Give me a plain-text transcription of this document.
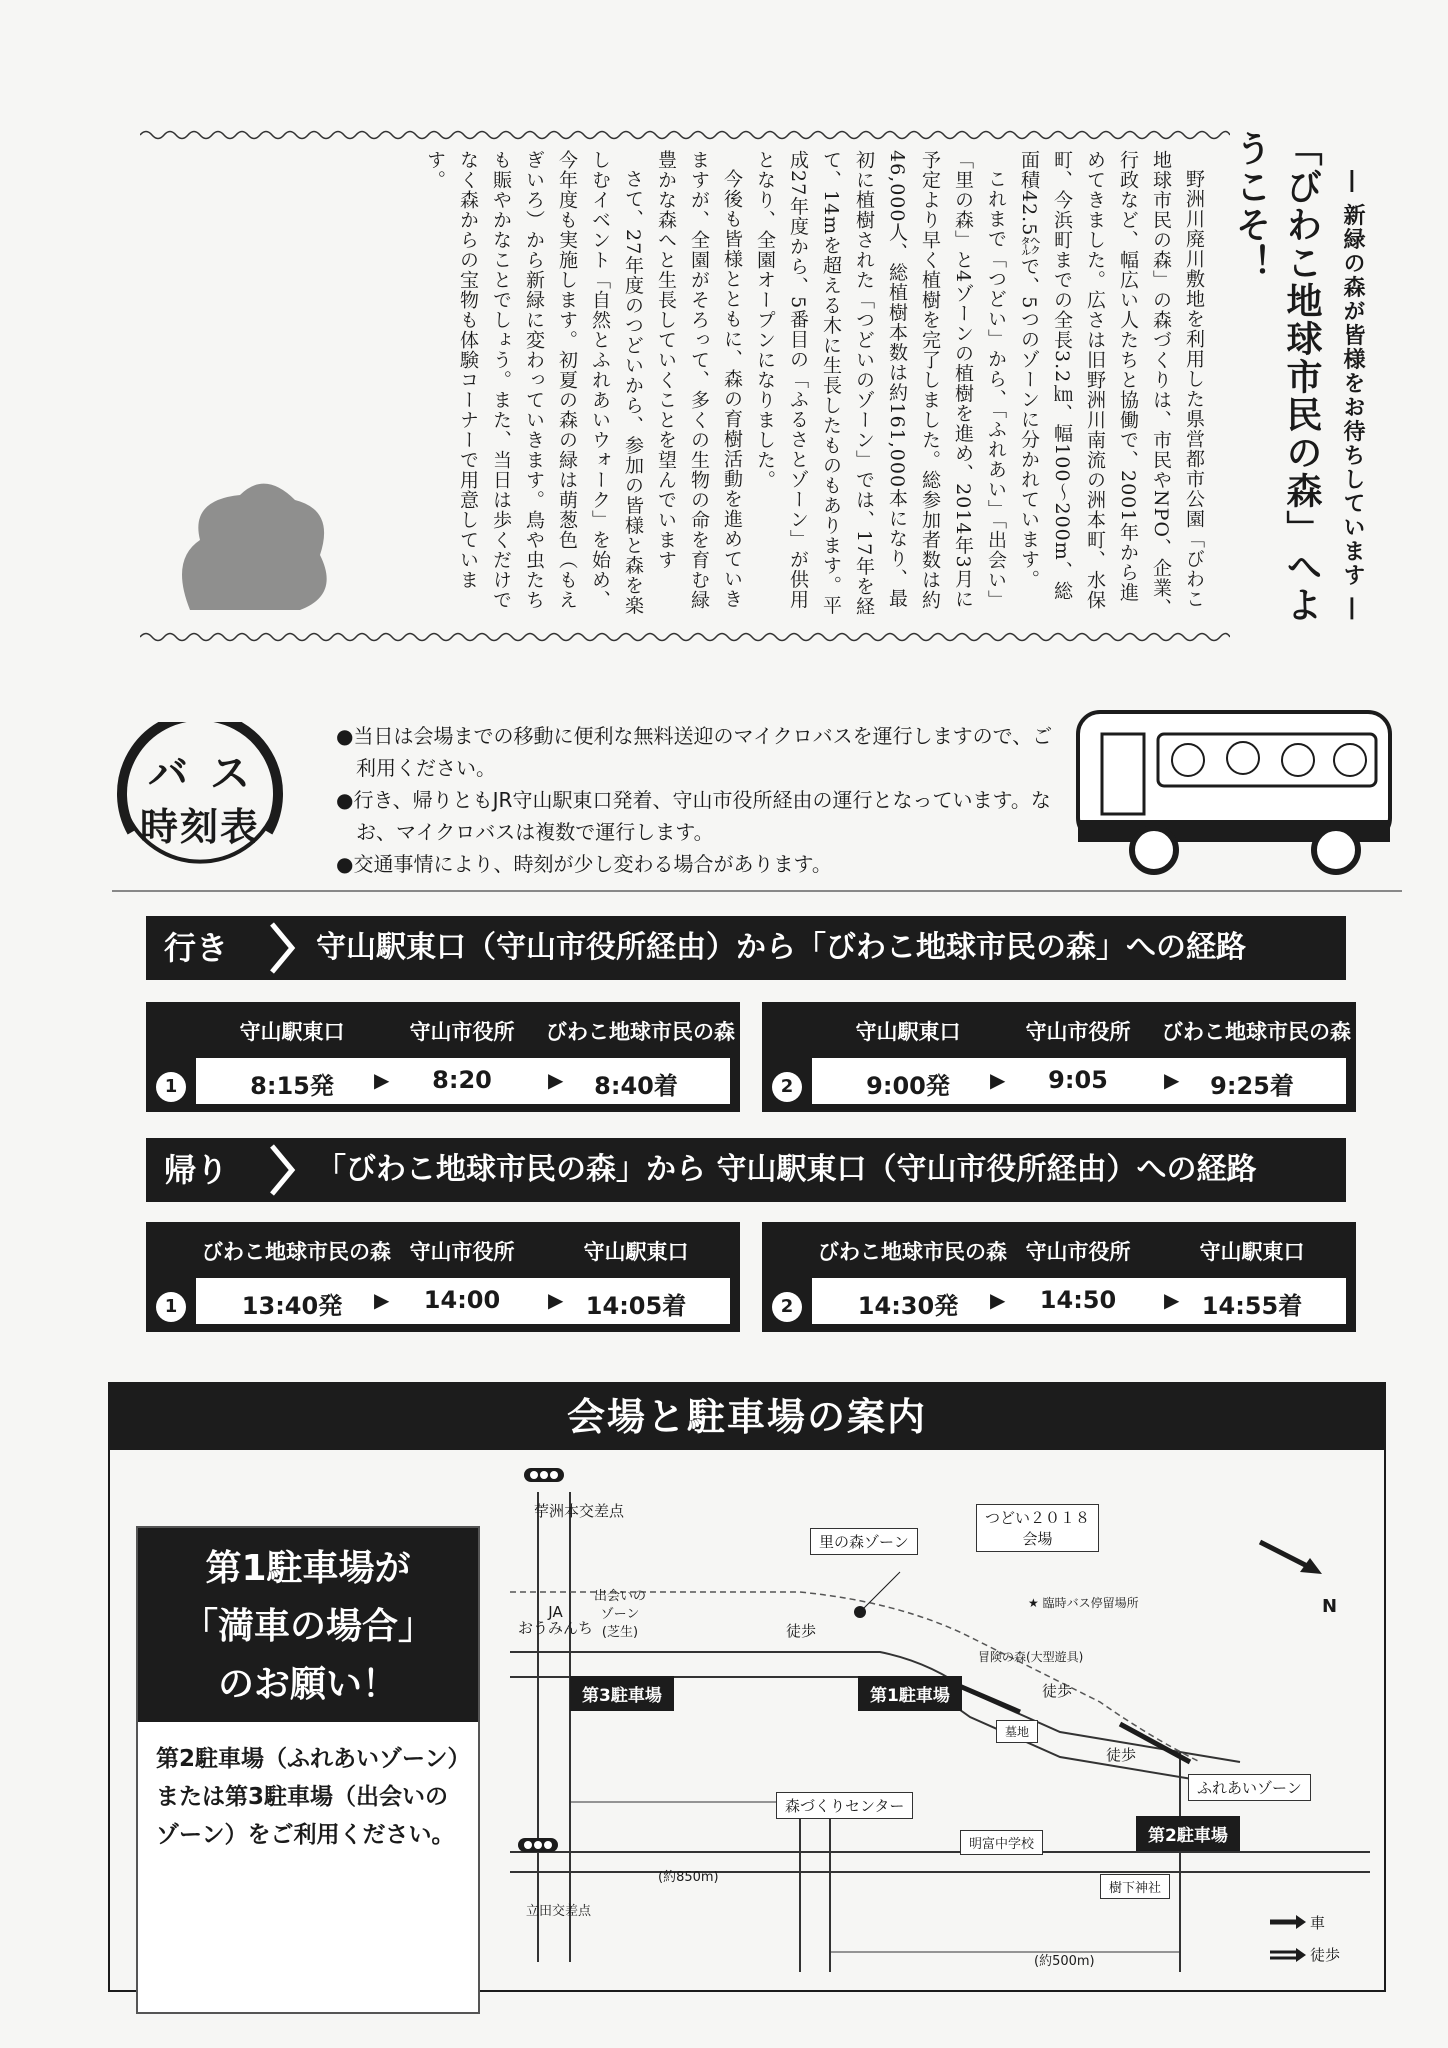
「びわこ地球市民の森」へようこそ！	― 新緑の森が皆様をお待ちしています ―

野洲川廃川敷地を利用した県営都市公園「びわこ地球市民の森」の森づくりは、市民やNPO、企業、行政など、幅広い人たちと協働で、2001年から進めてきました。広さは旧野洲川南流の洲本町、水保町、今浜町までの全長3.2㎞、幅100～200m、総面積42.5㌶で、5つのゾーンに分かれています。

これまで「つどい」から、「ふれあい」「出会い」「里の森」と4ゾーンの植樹を進め、2014年3月に予定より早く植樹を完了しました。総参加者数は約46,000人、総植樹本数は約161,000本になり、最初に植樹された「つどいのゾーン」では、17年を経て、14mを超える木に生長したものもあります。平成27年度から、5番目の「ふるさとゾーン」が供用となり、全園オープンになりました。

今後も皆様とともに、森の育樹活動を進めていきますが、全園がそろって、多くの生物の命を育む緑豊かな森へと生長していくことを望んでいます

さて、27年度のつどいから、参加の皆様と森を楽しむイベント「自然とふれあいウォーク」を始め、今年度も実施します。初夏の森の緑は萌葱色（もえぎいろ）から新緑に変わっていきます。鳥や虫たちも賑やかなことでしょう。また、当日は歩くだけでなく森からの宝物も体験コーナーで用意しています。

バス
時刻表
●当日は会場までの移動に便利な無料送迎のマイクロバスを運行しますので、ご利用ください。
●行き、帰りともJR守山駅東口発着、守山市役所経由の運行となっています。なお、マイクロバスは複数で運行します。
●交通事情により、時刻が少し変わる場合があります。
行き	守山駅東口（守山市役所経由）から「びわこ地球市民の森」への経路
守山駅東口	守山市役所	びわこ地球市民の森
1	8:15発	▶	8:20	▶	8:40着
守山駅東口	守山市役所	びわこ地球市民の森
2	9:00発	▶	9:05	▶	9:25着
帰り	「びわこ地球市民の森」から 守山駅東口（守山市役所経由）への経路
びわこ地球市民の森 守山市役所	守山駅東口
1	13:40発	▶	14:00	▶ 14:05着
びわこ地球市民の森 守山市役所	守山駅東口
2	14:30発	▶	14:50	▶ 14:55着
会場と駐車場の案内
第1駐車場が
「満車の場合」
のお願い！
第2駐車場（ふれあいゾーン）または第3駐車場（出会いのゾーン）をご利用ください。
荢洲本交差点
里の森ゾーン
つどい２０１８
会場
★ 臨時バス停留場所	N
JA
おうみんち
出会いの
ゾーン
(芝生)	徒歩
冒険の森(大型遊具)
徒歩
墓地
徒歩
第3駐車場	第1駐車場
第2駐車場
ふれあいゾーン
森づくりセンター
明富中学校
樹下神社
(約850m)
(約500m)
立田交差点
車
徒歩
